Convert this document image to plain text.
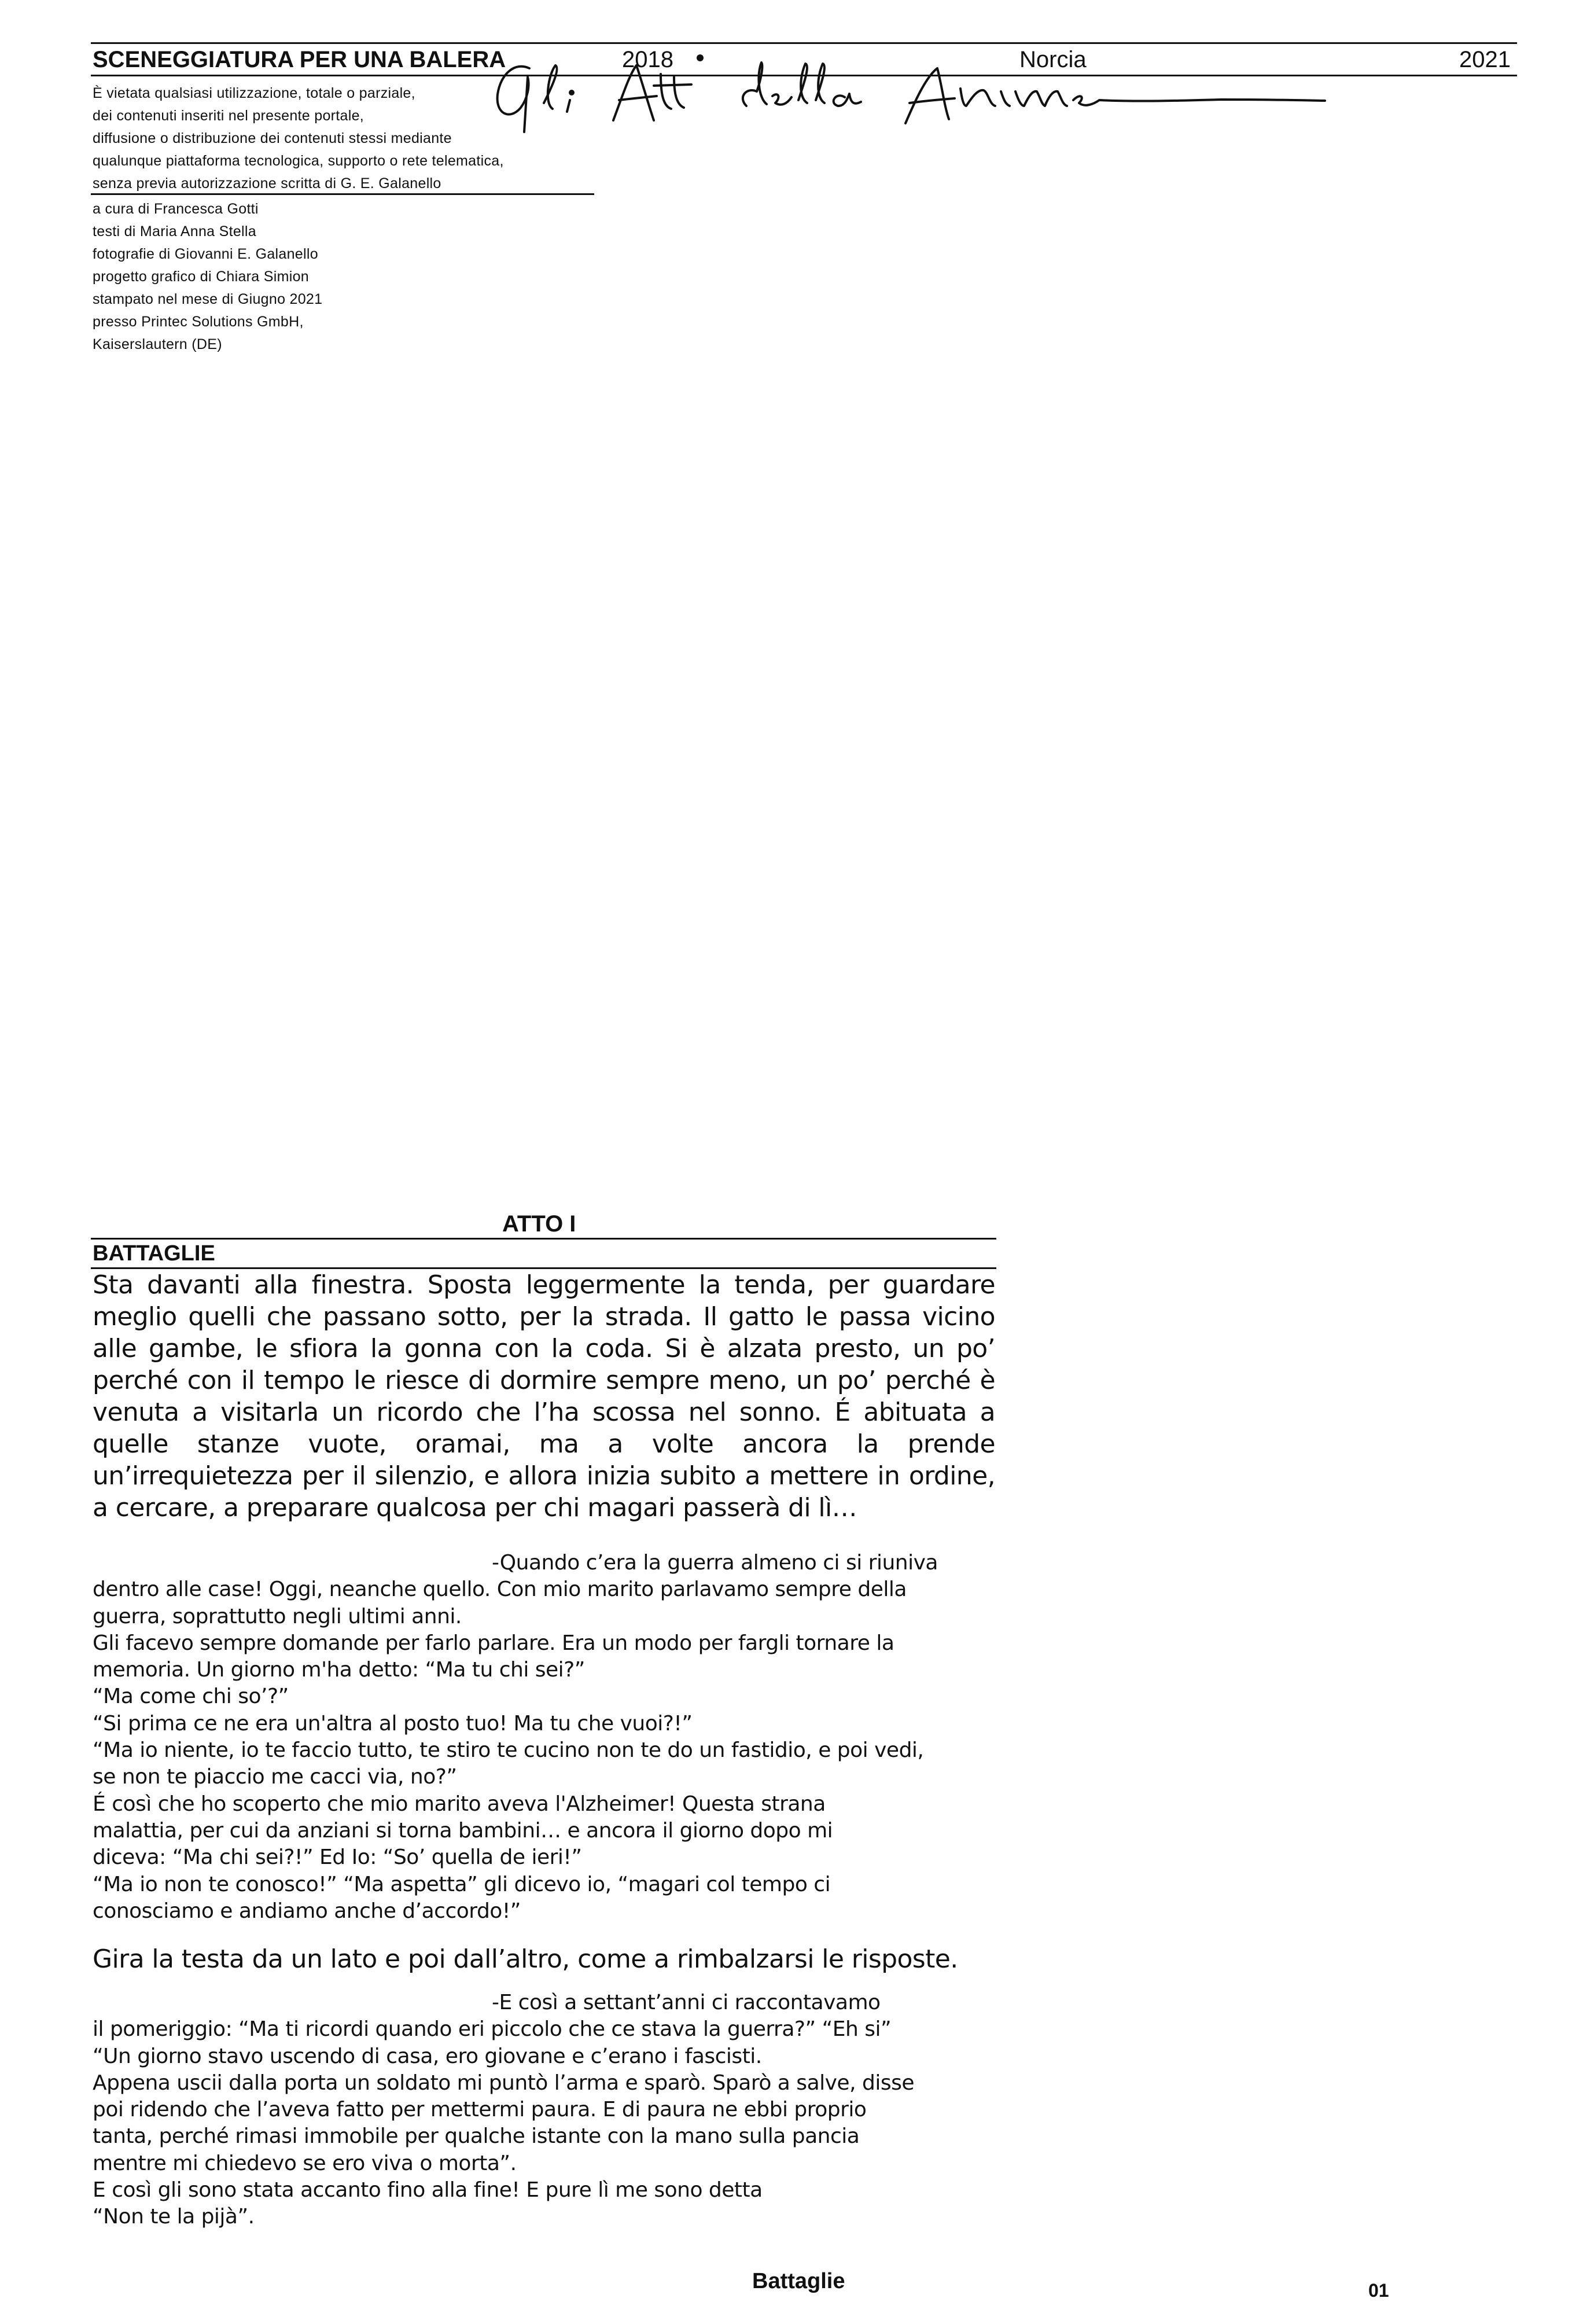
SCENEGGIATURA PER UNA BALERA	2018	Norcia	2021
È vietata qualsiasi utilizzazione, totale o parziale,
dei contenuti inseriti nel presente portale,
diffusione o distribuzione dei contenuti stessi mediante
qualunque piattaforma tecnologica, supporto o rete telematica,
senza previa autorizzazione scritta di G. E. Galanello
a cura di Francesca Gotti
testi di Maria Anna Stella
fotografie di Giovanni E. Galanello
progetto grafico di Chiara Simion
stampato nel mese di Giugno 2021
presso Printec Solutions GmbH,
Kaiserslautern (DE)
ATTO I
BATTAGLIE

Sta davanti alla finestra. Sposta leggermente la tenda, per guardare meglio quelli che passano sotto, per la strada. Il gatto le passa vicino alle gambe, le sfiora la gonna con la coda. Si è alzata presto, un po’ perché con il tempo le riesce di dormire sempre meno, un po’ perché è venuta a visitarla un ricordo che l’ha scossa nel sonno. É abituata a quelle stanze vuote, oramai, ma a volte ancora la prende un’irrequietezza per il silenzio, e allora inizia subito a mettere in ordine, a cercare, a preparare qualcosa per chi magari passerà di lì…

-Quando c’era la guerra almeno ci si riuniva
dentro alle case! Oggi, neanche quello. Con mio marito parlavamo sempre della
guerra, soprattutto negli ultimi anni.
Gli facevo sempre domande per farlo parlare. Era un modo per fargli tornare la
memoria. Un giorno m'ha detto: “Ma tu chi sei?”
“Ma come chi so’?”
“Si prima ce ne era un'altra al posto tuo! Ma tu che vuoi?!”
“Ma io niente, io te faccio tutto, te stiro te cucino non te do un fastidio, e poi vedi,
se non te piaccio me cacci via, no?”
É così che ho scoperto che mio marito aveva l'Alzheimer! Questa strana
malattia, per cui da anziani si torna bambini… e ancora il giorno dopo mi
diceva: “Ma chi sei?!” Ed Io: “So’ quella de ieri!”
“Ma io non te conosco!” “Ma aspetta” gli dicevo io, “magari col tempo ci
conosciamo e andiamo anche d’accordo!”

Gira la testa da un lato e poi dall’altro, come a rimbalzarsi le risposte.

-E così a settant’anni ci raccontavamo
il pomeriggio: “Ma ti ricordi quando eri piccolo che ce stava la guerra?” “Eh si”
“Un giorno stavo uscendo di casa, ero giovane e c’erano i fascisti.
Appena uscii dalla porta un soldato mi puntò l’arma e sparò. Sparò a salve, disse
poi ridendo che l’aveva fatto per mettermi paura. E di paura ne ebbi proprio
tanta, perché rimasi immobile per qualche istante con la mano sulla pancia
mentre mi chiedevo se ero viva o morta”.
E così gli sono stata accanto fino alla fine! E pure lì me sono detta
“Non te la pijà”.
Battaglie	01
